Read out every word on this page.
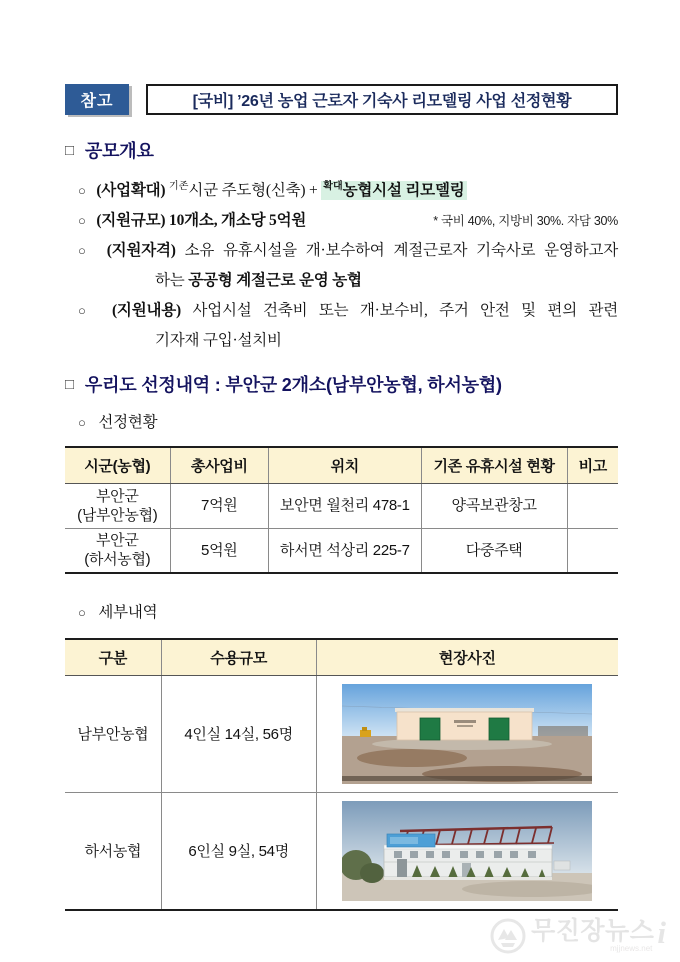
참고	[국비] ’26년 농업 근로자 기숙사 리모델링 사업 선정현황
□ 공모개요
○ (사업확대) $^{기존}$시군 주도형(신축) + $^{확대}$농협시설 리모델링
○ (지원규모) 10개소, 개소당 5억원	* 국비 40%, 지방비 30%. 자담 30%
○ (지원자격) 소유 유휴시설을 개·보수하여 계절근로자 기숙사로 운영하고자
하는 공공형 계절근로 운영 농협
○ (지원내용) 사업시설 건축비 또는 개·보수비, 주거 안전 및 편의 관련
기자재 구입·설치비
□ 우리도 선정내역 : 부안군 2개소(남부안농협, 하서농협)
○ 선정현황
시군(농협)	총사업비	위치	기존 유휴시설 현황	비고
부안군
(남부안농협)	7억원	보안면 월천리 478-1	양곡보관창고	
부안군
(하서농협)	5억원	하서면 석상리 225-7	다중주택	
○ 세부내역
구분	수용규모	현장사진
남부안농협	4인실 14실, 56명	

하서농협	6인실 9실, 54명	
무진장뉴스
mjjnews.net i
